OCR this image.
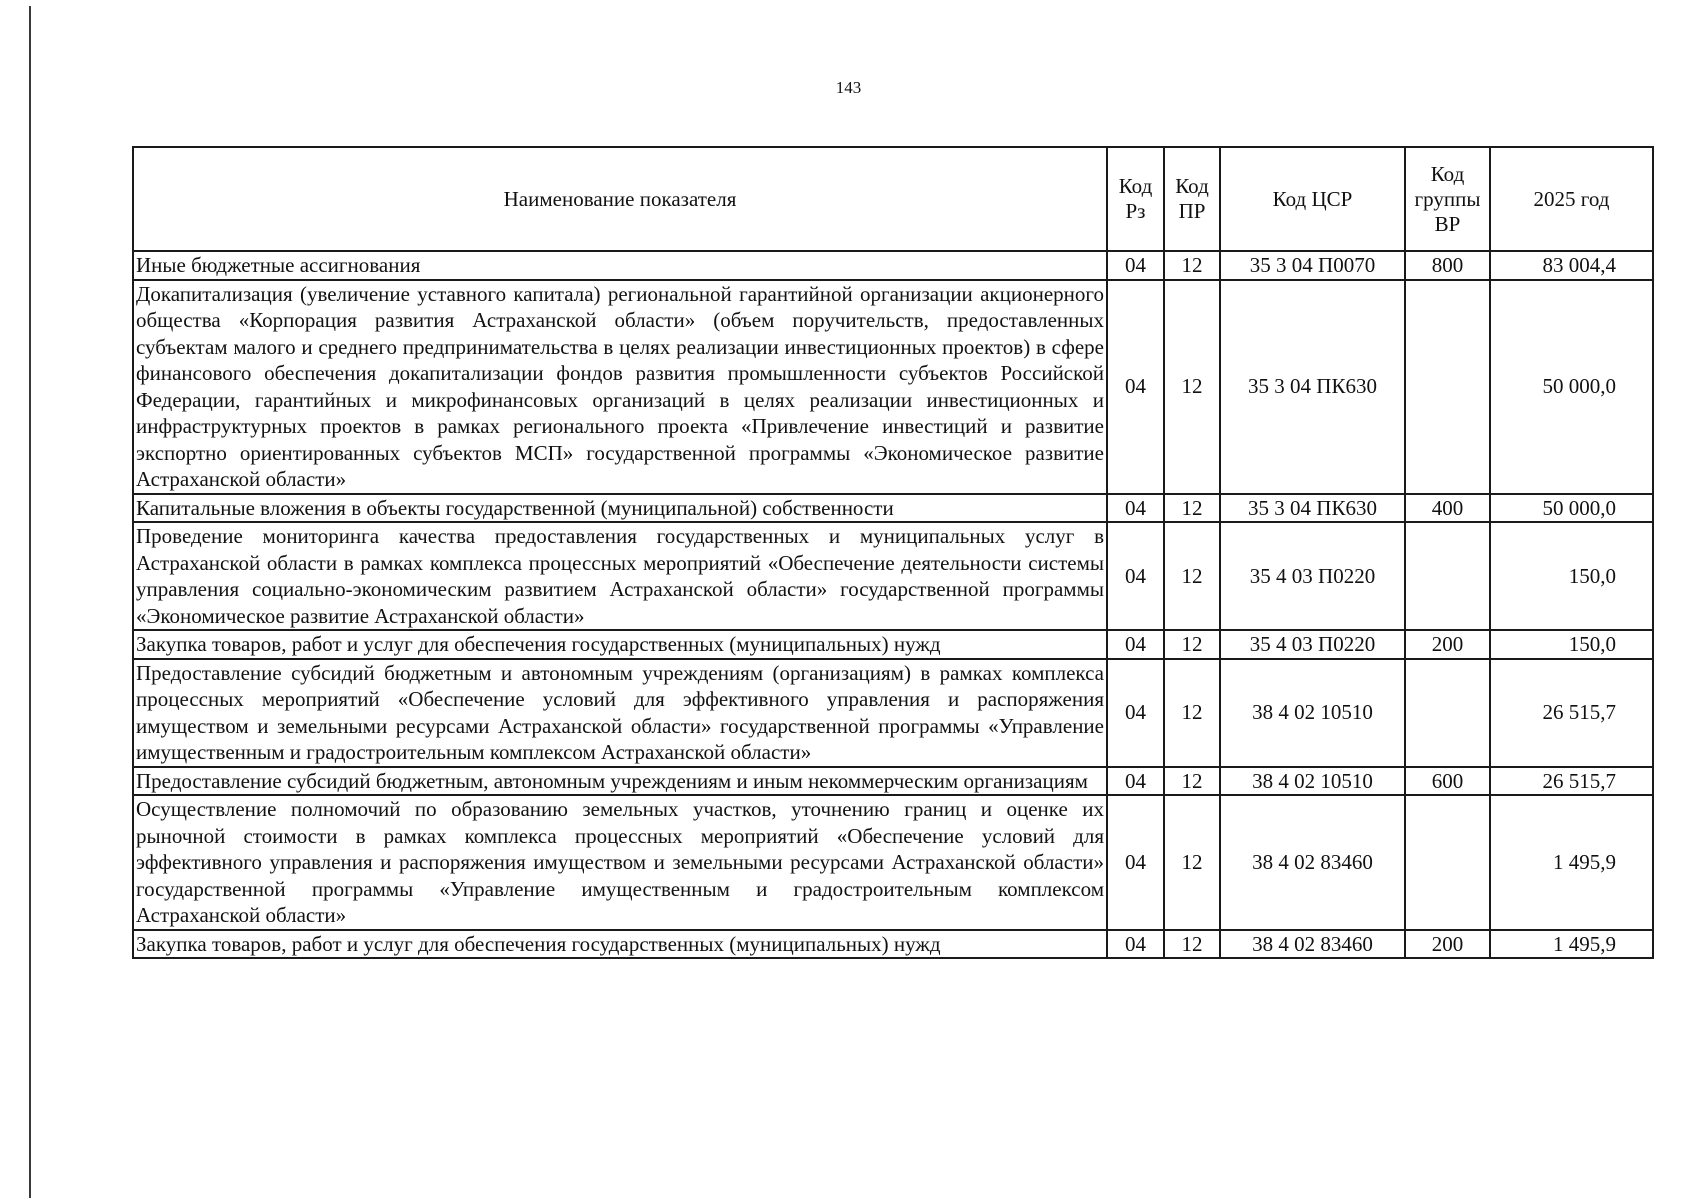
143
Наименование показателя	Код Рз	Код ПР	Код ЦСР	Код группы ВР	2025 год
Иные бюджетные ассигнования	04	12	35 3 04 П0070	800	83 004,4
Докапитализация (увеличение уставного капитала) региональной гарантийной организации акционерного общества «Корпорация развития Астраханской области» (объем поручительств, предоставленных субъектам малого и среднего предпринимательства в целях реализации инвестиционных проектов) в сфере финансового обеспечения докапитализации фондов развития промышленности субъектов Российской Федерации, гарантийных и микрофинансовых организаций в целях реализации инвестиционных и инфраструктурных проектов в рамках регионального проекта «Привлечение инвестиций и развитие экспортно ориентированных субъектов МСП» государственной программы «Экономическое развитие Астраханской области»	04	12	35 3 04 ПК630		50 000,0
Капитальные вложения в объекты государственной (муниципальной) собственности	04	12	35 3 04 ПК630	400	50 000,0
Проведение мониторинга качества предоставления государственных и муниципальных услуг в Астраханской области в рамках комплекса процессных мероприятий «Обеспечение деятельности системы управления социально-экономическим развитием Астраханской области» государственной программы «Экономическое развитие Астраханской области»	04	12	35 4 03 П0220		150,0
Закупка товаров, работ и услуг для обеспечения государственных (муниципальных) нужд	04	12	35 4 03 П0220	200	150,0
Предоставление субсидий бюджетным и автономным учреждениям (организациям) в рамках комплекса процессных мероприятий «Обеспечение условий для эффективного управления и распоряжения имуществом и земельными ресурсами Астраханской области» государственной программы «Управление имущественным и градостроительным комплексом Астраханской области»	04	12	38 4 02 10510		26 515,7
Предоставление субсидий бюджетным, автономным учреждениям и иным некоммерческим организациям	04	12	38 4 02 10510	600	26 515,7
Осуществление полномочий по образованию земельных участков, уточнению границ и оценке их рыночной стоимости в рамках комплекса процессных мероприятий «Обеспечение условий для эффективного управления и распоряжения имуществом и земельными ресурсами Астраханской области» государственной программы «Управление имущественным и градостроительным комплексом Астраханской области»	04	12	38 4 02 83460		1 495,9
Закупка товаров, работ и услуг для обеспечения государственных (муниципальных) нужд	04	12	38 4 02 83460	200	1 495,9
